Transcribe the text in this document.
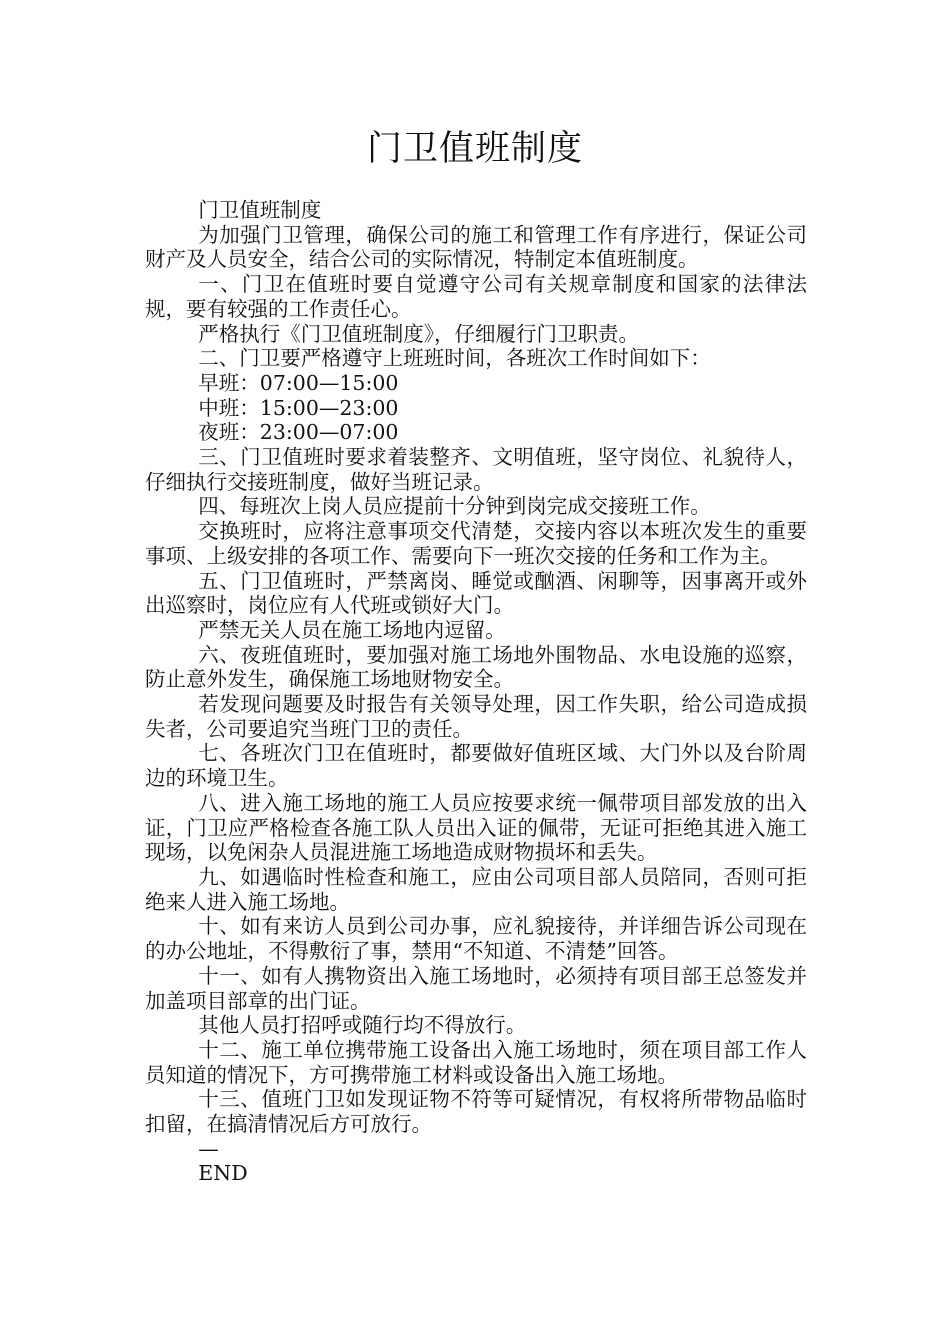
门卫值班制度

门卫值班制度

为加强门卫管理，确保公司的施工和管理工作有序进行，保证公司财产及人员安全，结合公司的实际情况，特制定本值班制度。

一、门卫在值班时要自觉遵守公司有关规章制度和国家的法律法规，要有较强的工作责任心。

严格执行《门卫值班制度》，仔细履行门卫职责。

二、门卫要严格遵守上班班时间，各班次工作时间如下：

早班：07:00—15:00

中班：15:00—23:00

夜班：23:00—07:00

三、门卫值班时要求着装整齐、文明值班，坚守岗位、礼貌待人，仔细执行交接班制度，做好当班记录。

四、每班次上岗人员应提前十分钟到岗完成交接班工作。

交换班时，应将注意事项交代清楚，交接内容以本班次发生的重要事项、上级安排的各项工作、需要向下一班次交接的任务和工作为主。

五、门卫值班时，严禁离岗、睡觉或酗酒、闲聊等，因事离开或外出巡察时，岗位应有人代班或锁好大门。

严禁无关人员在施工场地内逗留。

六、夜班值班时，要加强对施工场地外围物品、水电设施的巡察，防止意外发生，确保施工场地财物安全。

若发现问题要及时报告有关领导处理，因工作失职，给公司造成损失者，公司要追究当班门卫的责任。

七、各班次门卫在值班时，都要做好值班区域、大门外以及台阶周边的环境卫生。

八、进入施工场地的施工人员应按要求统一佩带项目部发放的出入证，门卫应严格检查各施工队人员出入证的佩带，无证可拒绝其进入施工现场，以免闲杂人员混进施工场地造成财物损坏和丢失。

九、如遇临时性检查和施工，应由公司项目部人员陪同，否则可拒绝来人进入施工场地。

十、如有来访人员到公司办事，应礼貌接待，并详细告诉公司现在的办公地址，不得敷衍了事，禁用“不知道、不清楚”回答。

十一、如有人携物资出入施工场地时，必须持有项目部王总签发并加盖项目部章的出门证。

其他人员打招呼或随行均不得放行。

十二、施工单位携带施工设备出入施工场地时，须在项目部工作人员知道的情况下，方可携带施工材料或设备出入施工场地。

十三、值班门卫如发现证物不符等可疑情况，有权将所带物品临时扣留，在搞清情况后方可放行。

—

END
